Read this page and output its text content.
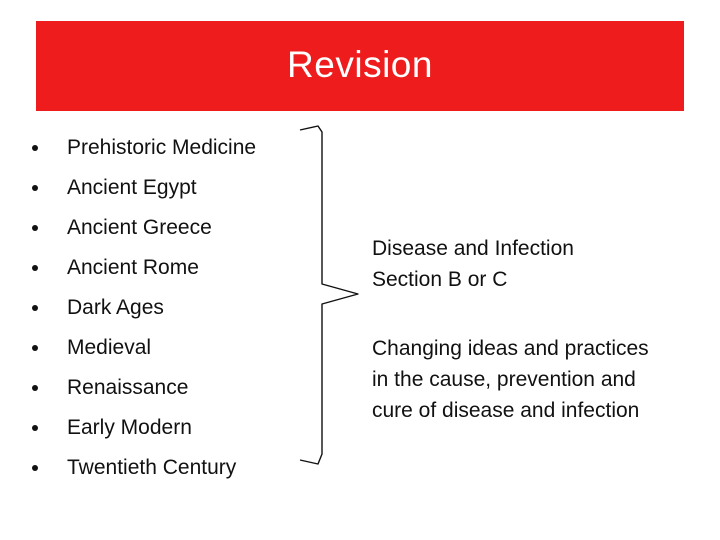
Revision
Prehistoric Medicine
Ancient Egypt
Ancient Greece
Ancient Rome
Dark Ages
Medieval
Renaissance
Early Modern
Twentieth Century
Disease and Infection
Section B or C
Changing ideas and practices
in the cause, prevention and
cure of disease and infection
